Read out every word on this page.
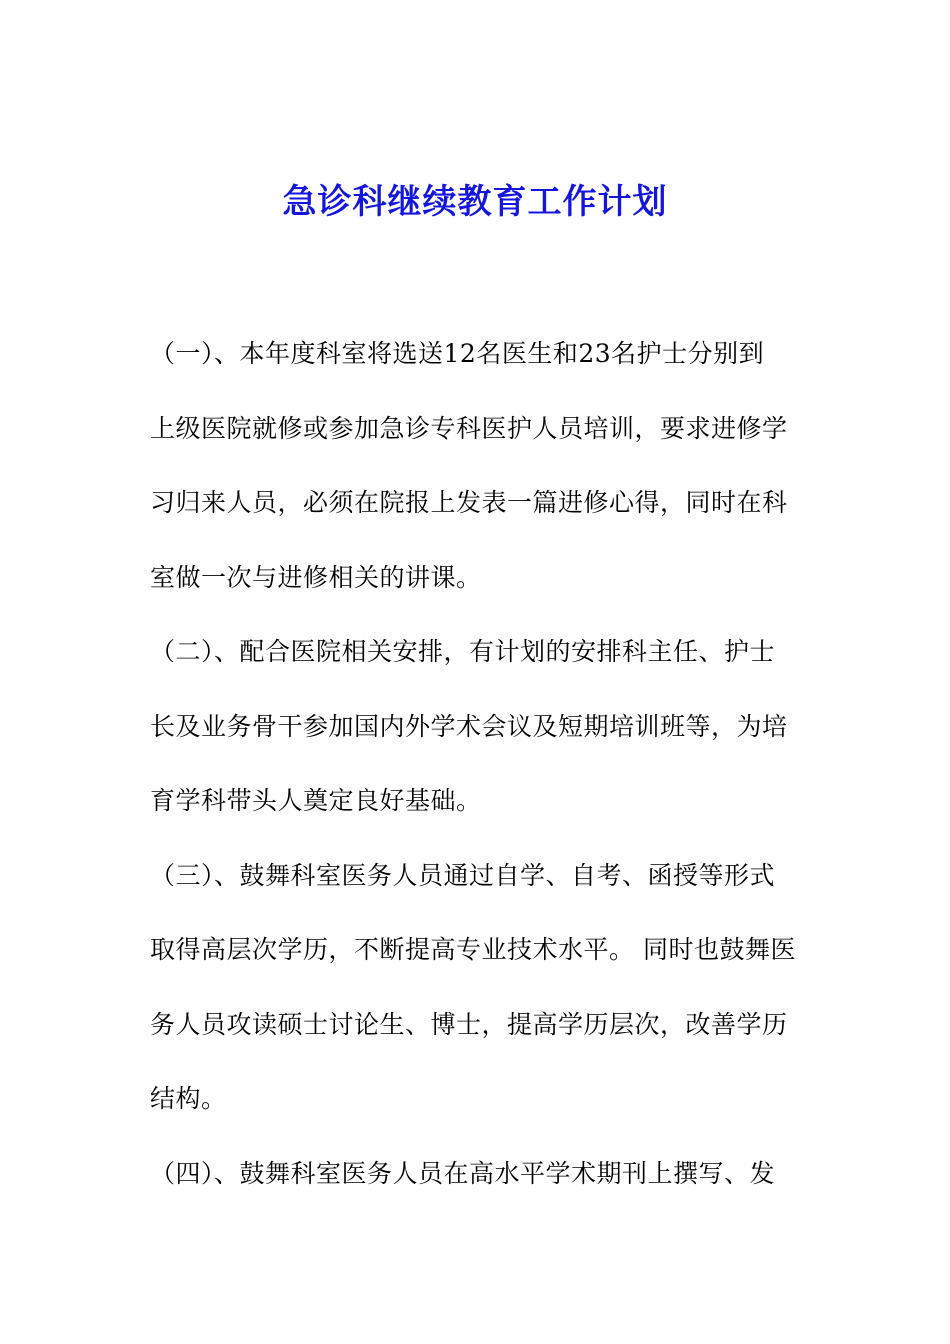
急诊科继续教育工作计划
（一）、本年度科室将选送12名医生和23名护士分别到
上级医院就修或参加急诊专科医护人员培训，要求进修学
习归来人员，必须在院报上发表一篇进修心得，同时在科
室做一次与进修相关的讲课。
（二）、配合医院相关安排，有计划的安排科主任、护士
长及业务骨干参加国内外学术会议及短期培训班等，为培
育学科带头人奠定良好基础。
（三）、鼓舞科室医务人员通过自学、自考、函授等形式
取得高层次学历，不断提高专业技术水平。 同时也鼓舞医
务人员攻读硕士讨论生、博士，提高学历层次，改善学历
结构。
（四）、鼓舞科室医务人员在高水平学术期刊上撰写、发
